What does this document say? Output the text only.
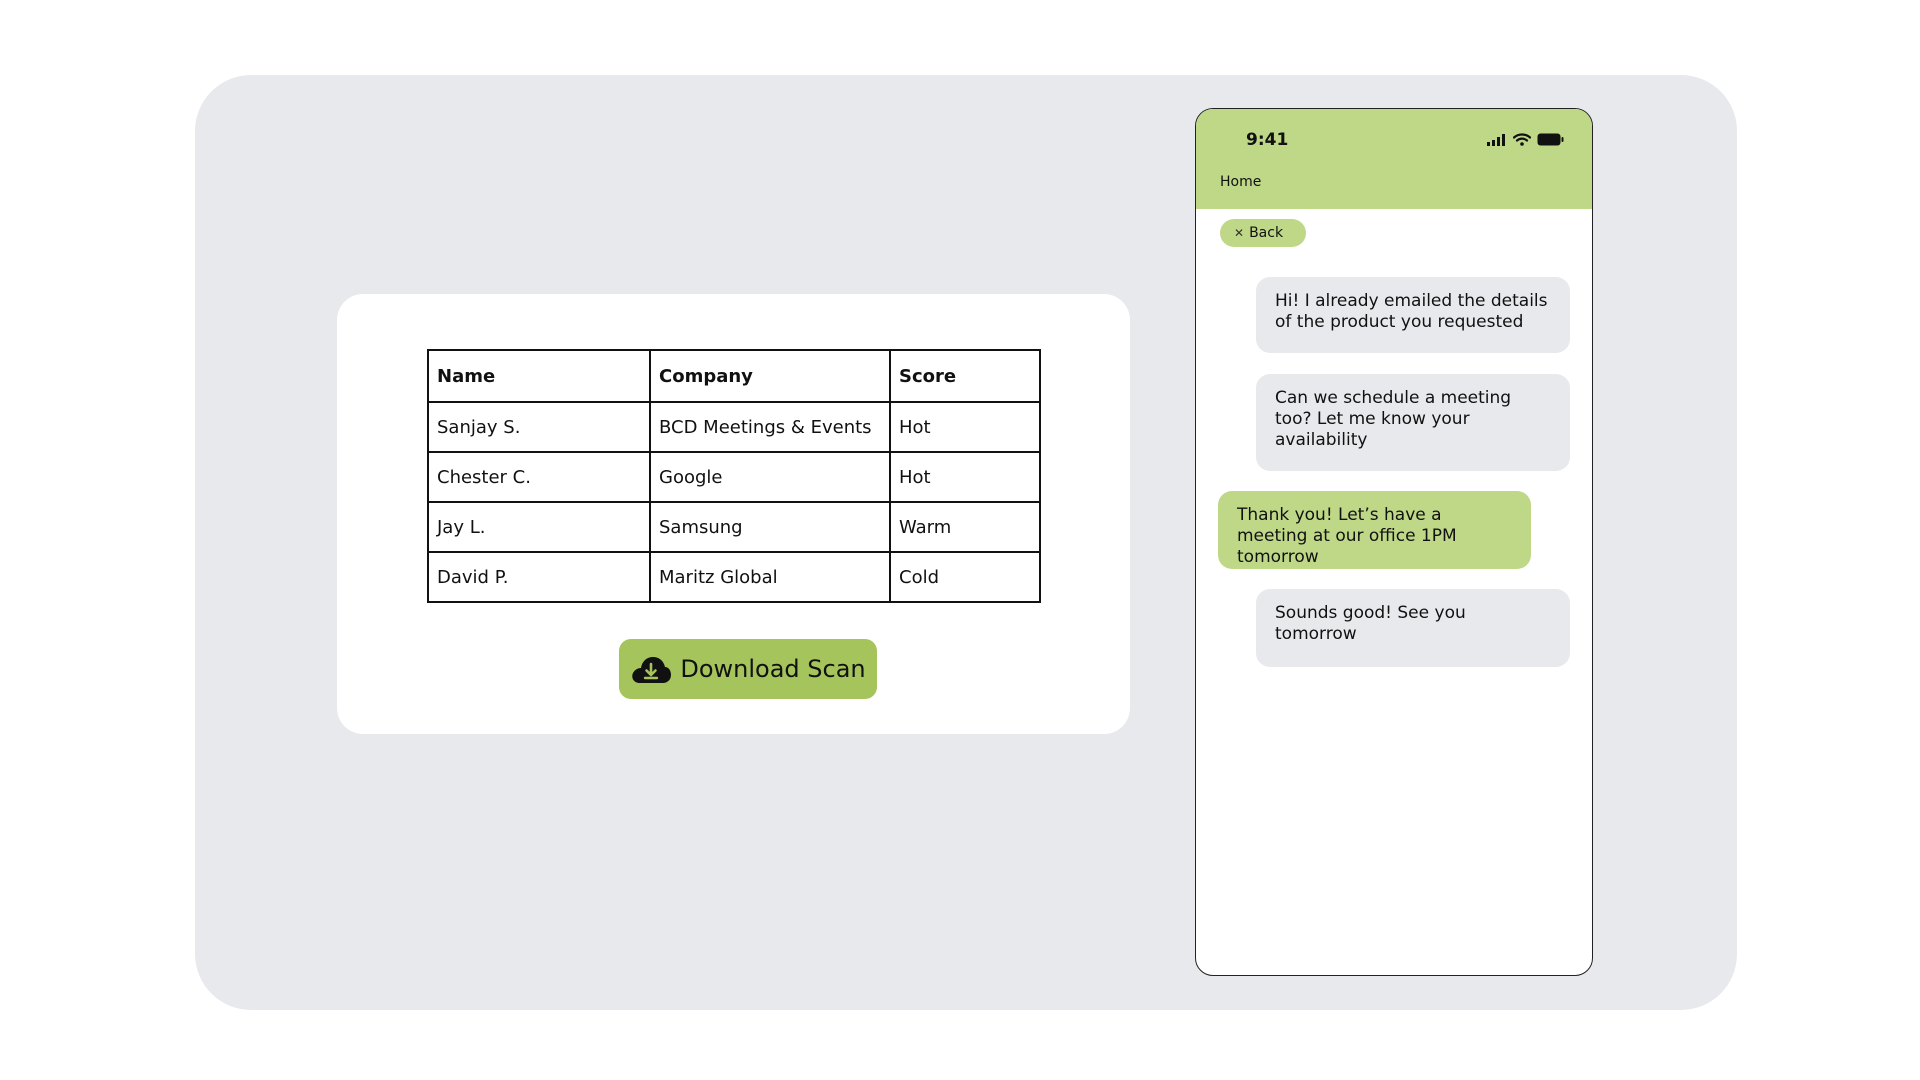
Name	Company	Score
Sanjay S.	BCD Meetings & Events	Hot
Chester C.	Google	Hot
Jay L.	Samsung	Warm
David P.	Maritz Global	Cold
Download Scan
9:41
Home
✕ Back
Hi! I already emailed the details of the product you requested
Can we schedule a meeting too? Let me know your availability
Thank you! Let’s have a meeting at our office 1PM tomorrow
Sounds good! See you tomorrow
